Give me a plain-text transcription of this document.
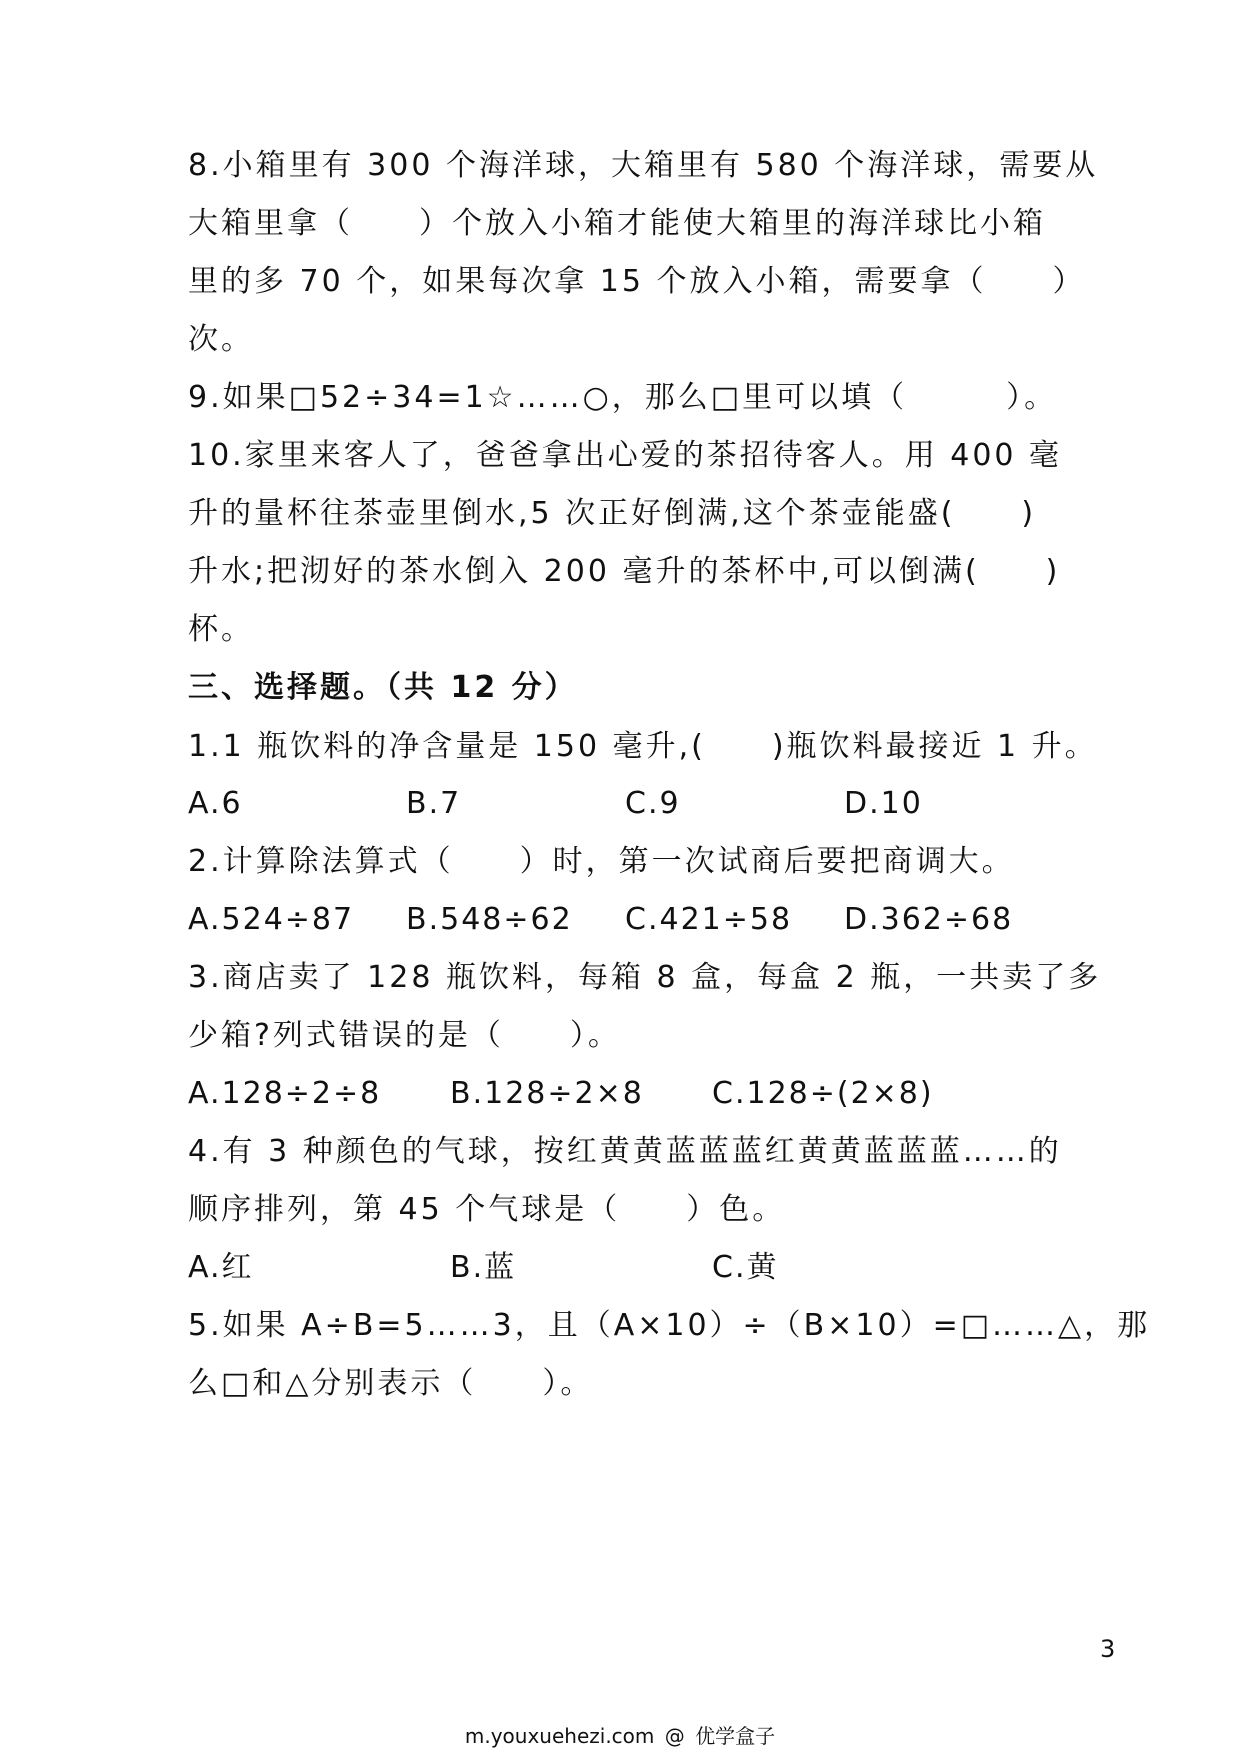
8.小箱里有 300 个海洋球，大箱里有 580 个海洋球，需要从
大箱里拿（　　）个放入小箱才能使大箱里的海洋球比小箱
里的多 70 个，如果每次拿 15 个放入小箱，需要拿（　　）
次。
9.如果□52÷34=1☆……○，那么□里可以填（　　　）。
10.家里来客人了，爸爸拿出心爱的茶招待客人。用 400 毫
升的量杯往茶壶里倒水,5 次正好倒满,这个茶壶能盛(　　)
升水;把沏好的茶水倒入 200 毫升的茶杯中,可以倒满(　　)
杯。
三、选择题。（共 12 分）
1.1 瓶饮料的净含量是 150 毫升,(　　)瓶饮料最接近 1 升。
A.6	B.7	C.9	D.10
2.计算除法算式（　　）时，第一次试商后要把商调大。
A.524÷87 B.548÷62 C.421÷58 D.362÷68
3.商店卖了 128 瓶饮料，每箱 8 盒，每盒 2 瓶，一共卖了多
少箱?列式错误的是（　　）。
A.128÷2÷8 B.128÷2×8 C.128÷(2×8)
4.有 3 种颜色的气球，按红黄黄蓝蓝蓝红黄黄蓝蓝蓝……的
顺序排列，第 45 个气球是（　　）色。
A.红	B.蓝	C.黄
5.如果 A÷B=5……3，且（A×10）÷（B×10）=□……△，那
么□和△分别表示（　　）。
3
m.youxuehezi.com @ 优学盒子
